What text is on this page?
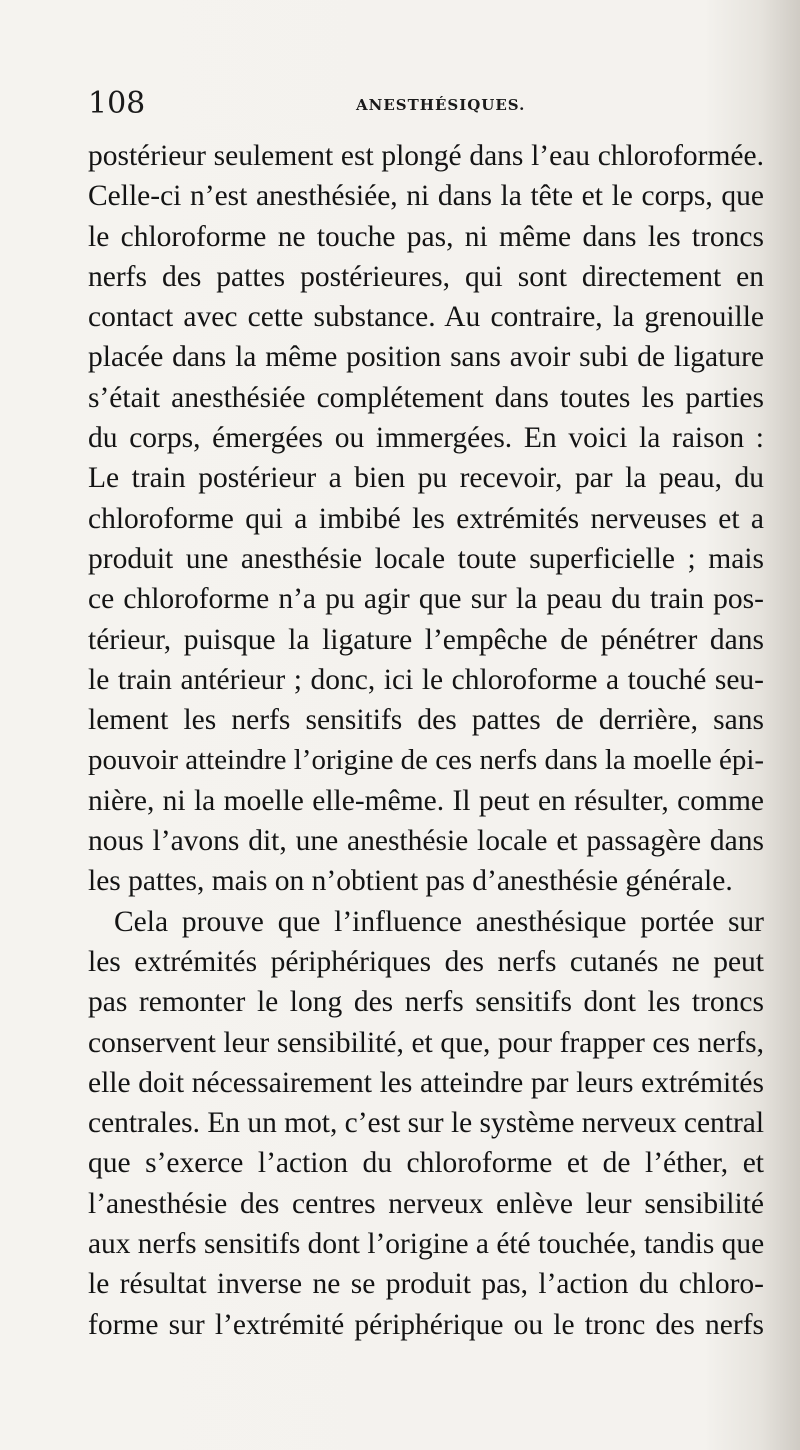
108	ANESTHÉSIQUES.
postérieur seulement est plongé dans l’eau chloroformée.
Celle-ci n’est anesthésiée, ni dans la tête et le corps, que
le chloroforme ne touche pas, ni même dans les troncs
nerfs des pattes postérieures, qui sont directement en
contact avec cette substance. Au contraire, la grenouille
placée dans la même position sans avoir subi de ligature
s’était anesthésiée complétement dans toutes les parties
du corps, émergées ou immergées. En voici la raison :
Le train postérieur a bien pu recevoir, par la peau, du
chloroforme qui a imbibé les extrémités nerveuses et a
produit une anesthésie locale toute superficielle ; mais
ce chloroforme n’a pu agir que sur la peau du train pos-
térieur, puisque la ligature l’empêche de pénétrer dans
le train antérieur ; donc, ici le chloroforme a touché seu-
lement les nerfs sensitifs des pattes de derrière, sans
pouvoir atteindre l’origine de ces nerfs dans la moelle épi-
nière, ni la moelle elle-même. Il peut en résulter, comme
nous l’avons dit, une anesthésie locale et passagère dans
les pattes, mais on n’obtient pas d’anesthésie générale.
Cela prouve que l’influence anesthésique portée sur
les extrémités périphériques des nerfs cutanés ne peut
pas remonter le long des nerfs sensitifs dont les troncs
conservent leur sensibilité, et que, pour frapper ces nerfs,
elle doit nécessairement les atteindre par leurs extrémités
centrales. En un mot, c’est sur le système nerveux central
que s’exerce l’action du chloroforme et de l’éther, et
l’anesthésie des centres nerveux enlève leur sensibilité
aux nerfs sensitifs dont l’origine a été touchée, tandis que
le résultat inverse ne se produit pas, l’action du chloro-
forme sur l’extrémité périphérique ou le tronc des nerfs
